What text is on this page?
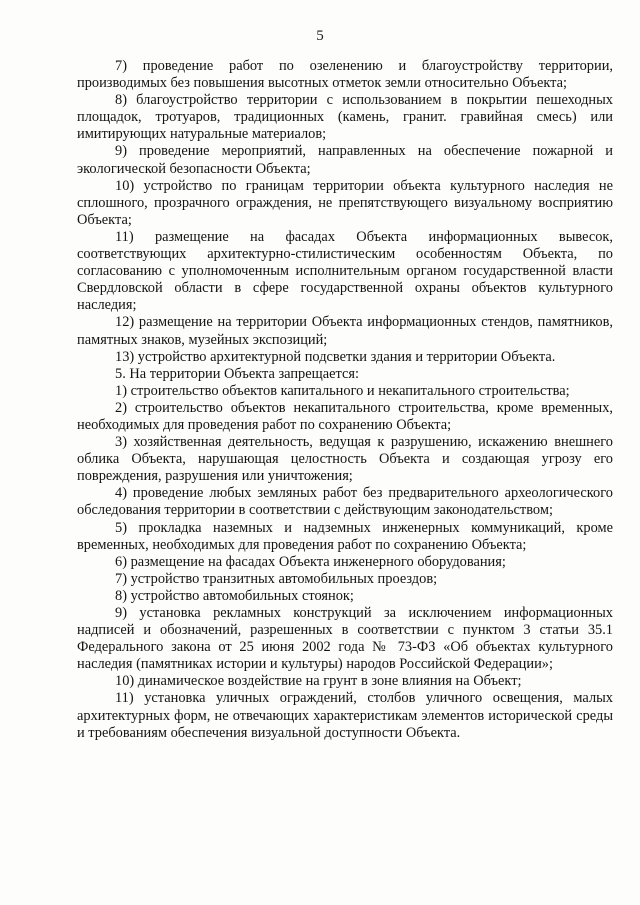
5

7) проведение работ по озеленению и благоустройству территории, производимых без повышения высотных отметок земли относительно Объекта;

8) благоустройство территории с использованием в покрытии пешеходных площадок, тротуаров, традиционных (камень, гранит. гравийная смесь) или имитирующих натуральные материалов;

9) проведение мероприятий, направленных на обеспечение пожарной и экологической безопасности Объекта;

10) устройство по границам территории объекта культурного наследия не сплошного, прозрачного ограждения, не препятствующего визуальному восприятию Объекта;

11) размещение на фасадах Объекта информационных вывесок, соответствующих архитектурно-стилистическим особенностям Объекта, по согласованию с уполномоченным исполнительным органом государственной власти Свердловской области в сфере государственной охраны объектов культурного наследия;

12) размещение на территории Объекта информационных стендов, памятников, памятных знаков, музейных экспозиций;

13) устройство архитектурной подсветки здания и территории Объекта.

5. На территории Объекта запрещается:

1) строительство объектов капитального и некапитального строительства;

2) строительство объектов некапитального строительства, кроме временных, необходимых для проведения работ по сохранению Объекта;

3) хозяйственная деятельность, ведущая к разрушению, искажению внешнего облика Объекта, нарушающая целостность Объекта и создающая угрозу его повреждения, разрушения или уничтожения;

4) проведение любых земляных работ без предварительного археологического обследования территории в соответствии с действующим законодательством;

5) прокладка наземных и надземных инженерных коммуникаций, кроме временных, необходимых для проведения работ по сохранению Объекта;

6) размещение на фасадах Объекта инженерного оборудования;

7) устройство транзитных автомобильных проездов;

8) устройство автомобильных стоянок;

9) установка рекламных конструкций за исключением информационных надписей и обозначений, разрешенных в соответствии с пунктом 3 статьи 35.1 Федерального закона от 25 июня 2002 года № 73-ФЗ «Об объектах культурного наследия (памятниках истории и культуры) народов Российской Федерации»;

10) динамическое воздействие на грунт в зоне влияния на Объект;

11) установка уличных ограждений, столбов уличного освещения, малых архитектурных форм, не отвечающих характеристикам элементов исторической среды и требованиям обеспечения визуальной доступности Объекта.
